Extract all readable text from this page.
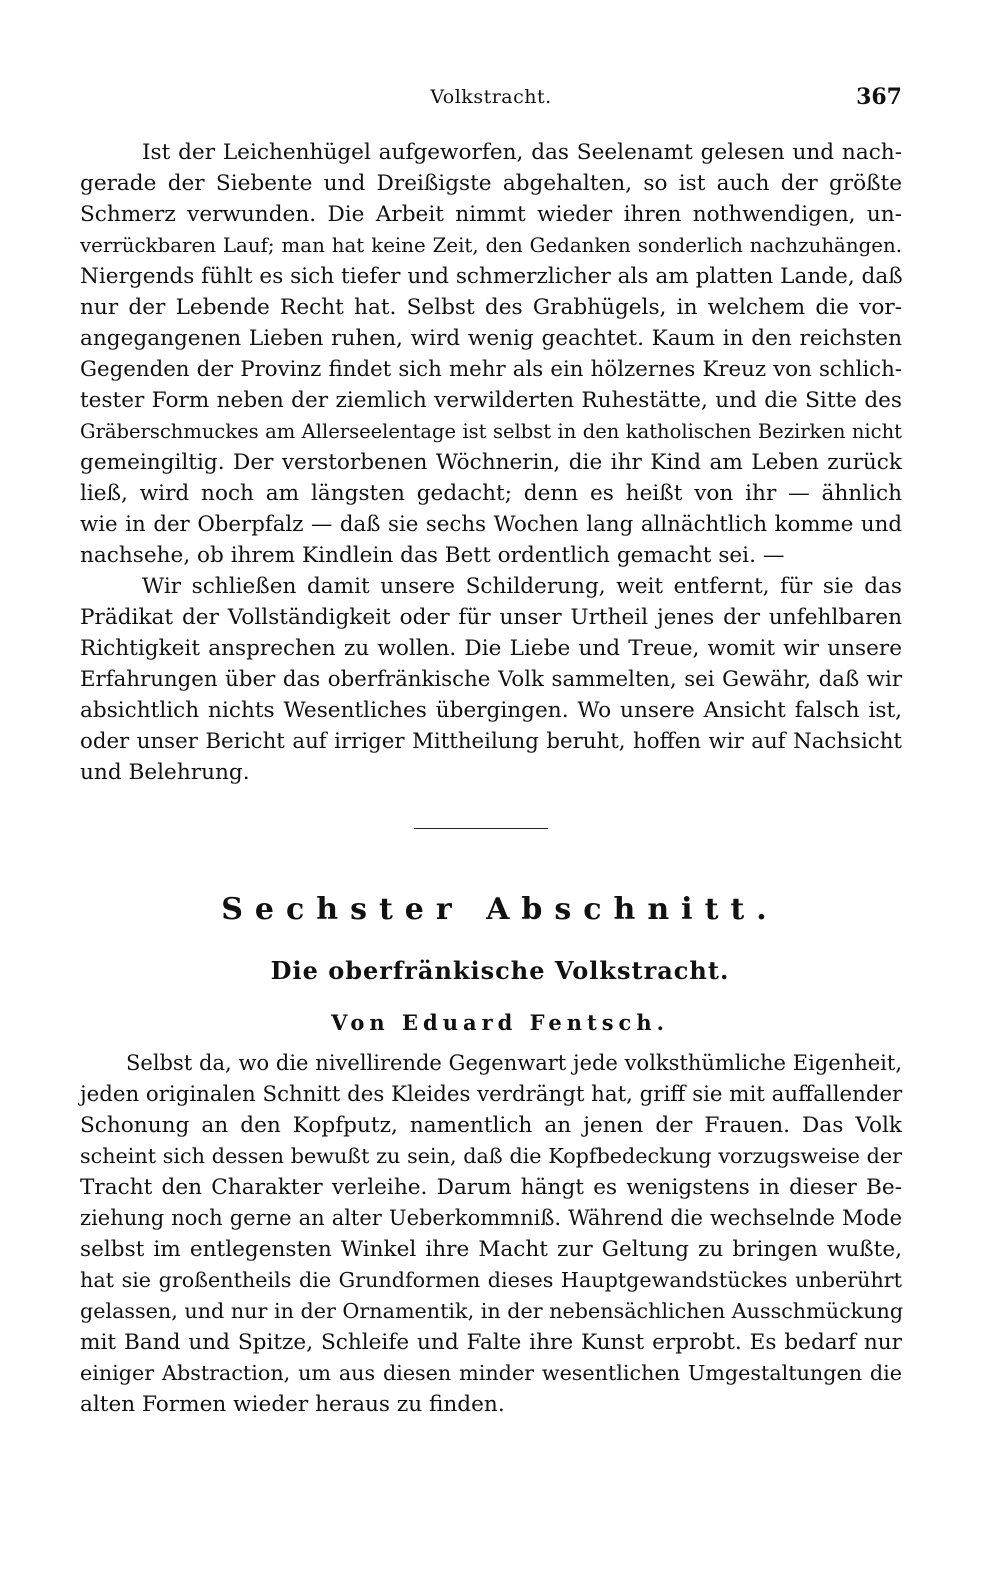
Volkstracht.	367
Ist der Leichenhügel aufgeworfen, das Seelenamt gelesen und nach-
gerade der Siebente und Dreißigste abgehalten, so ist auch der größte
Schmerz verwunden. Die Arbeit nimmt wieder ihren nothwendigen, un-
verrückbaren Lauf; man hat keine Zeit, den Gedanken sonderlich nachzuhängen.
Niergends fühlt es sich tiefer und schmerzlicher als am platten Lande, daß
nur der Lebende Recht hat. Selbst des Grabhügels, in welchem die vor-
angegangenen Lieben ruhen, wird wenig geachtet. Kaum in den reichsten
Gegenden der Provinz findet sich mehr als ein hölzernes Kreuz von schlich-
tester Form neben der ziemlich verwilderten Ruhestätte, und die Sitte des
Gräberschmuckes am Allerseelentage ist selbst in den katholischen Bezirken nicht
gemeingiltig. Der verstorbenen Wöchnerin, die ihr Kind am Leben zurück
ließ, wird noch am längsten gedacht; denn es heißt von ihr — ähnlich
wie in der Oberpfalz — daß sie sechs Wochen lang allnächtlich komme und
nachsehe, ob ihrem Kindlein das Bett ordentlich gemacht sei. —
Wir schließen damit unsere Schilderung, weit entfernt, für sie das
Prädikat der Vollständigkeit oder für unser Urtheil jenes der unfehlbaren
Richtigkeit ansprechen zu wollen. Die Liebe und Treue, womit wir unsere
Erfahrungen über das oberfränkische Volk sammelten, sei Gewähr, daß wir
absichtlich nichts Wesentliches übergingen. Wo unsere Ansicht falsch ist,
oder unser Bericht auf irriger Mittheilung beruht, hoffen wir auf Nachsicht
und Belehrung.
Sechster Abschnitt.
Die oberfränkische Volkstracht.
Von Eduard Fentsch.
Selbst da, wo die nivellirende Gegenwart jede volksthümliche Eigenheit,
jeden originalen Schnitt des Kleides verdrängt hat, griff sie mit auffallender
Schonung an den Kopfputz, namentlich an jenen der Frauen. Das Volk
scheint sich dessen bewußt zu sein, daß die Kopfbedeckung vorzugsweise der
Tracht den Charakter verleihe. Darum hängt es wenigstens in dieser Be-
ziehung noch gerne an alter Ueberkommniß. Während die wechselnde Mode
selbst im entlegensten Winkel ihre Macht zur Geltung zu bringen wußte,
hat sie großentheils die Grundformen dieses Hauptgewandstückes unberührt
gelassen, und nur in der Ornamentik, in der nebensächlichen Ausschmückung
mit Band und Spitze, Schleife und Falte ihre Kunst erprobt. Es bedarf nur
einiger Abstraction, um aus diesen minder wesentlichen Umgestaltungen die
alten Formen wieder heraus zu finden.
